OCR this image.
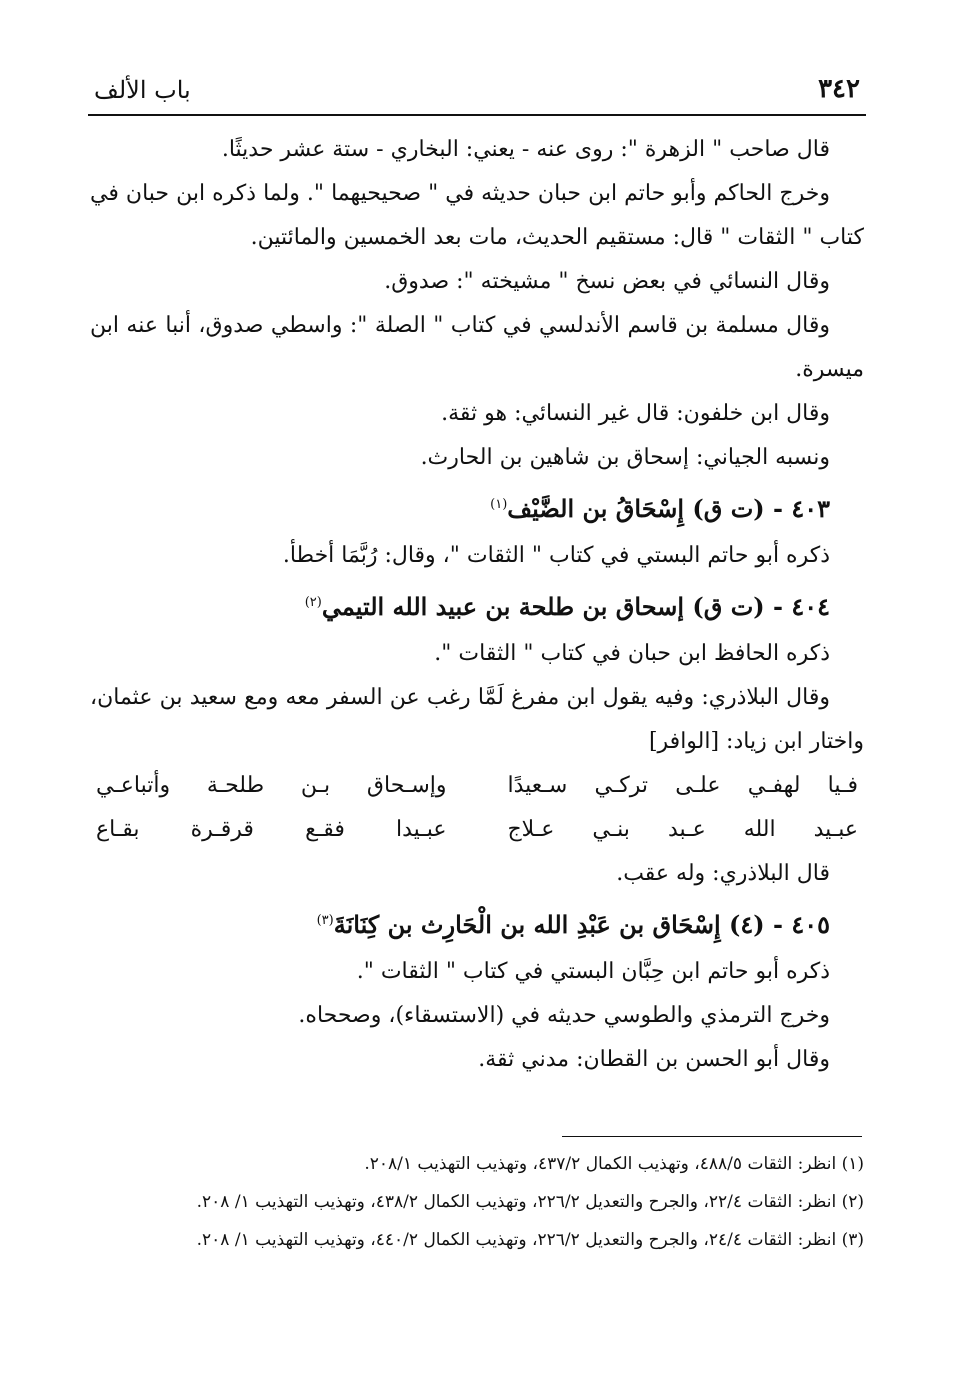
٣٤٢
باب الألف

قال صاحب " الزهرة ": روى عنه - يعني: البخاري - ستة عشر حديثًا.

وخرج الحاكم وأبو حاتم ابن حبان حديثه في " صحيحيهما ". ولما ذكره ابن حبان في كتاب " الثقات " قال: مستقيم الحديث، مات بعد الخمسين والمائتين.

وقال النسائي في بعض نسخ " مشيخته ": صدوق.

وقال مسلمة بن قاسم الأندلسي في كتاب " الصلة ": واسطي صدوق، أنبا عنه ابن ميسرة.

وقال ابن خلفون: قال غير النسائي: هو ثقة.

ونسبه الجياني: إسحاق بن شاهين بن الحارث.

٤٠٣ - (ت ق) إِسْحَاقُ بن الضَّيْف$^{(١)}$

ذكره أبو حاتم البستي في كتاب " الثقات "، وقال: رُبَّمَا أخطأ.

٤٠٤ - (ت ق) إسحاق بن طلحة بن عبيد الله التيمي$^{(٢)}$

ذكره الحافظ ابن حبان في كتاب " الثقات ".

وقال البلاذري: وفيه يقول ابن مفرغ لَمَّا رغب عن السفر معه ومع سعيد بن عثمان، واختار ابن زياد: [الوافر]

فـيا لهفـي علـى تركـي سـعيدًا
وإسـحاق بـن طلحـة وأتباعـي
عبـيد الله عـبد بنـي عـلاج
عبـيدا فقـع قرقـرة بقـاع

قال البلاذري: وله عقب.

٤٠٥ - (٤) إِسْحَاق بن عَبْدِ الله بن الْحَارِث بن كِنَانَةَ$^{(٣)}$

ذكره أبو حاتم ابن حِبَّان البستي في كتاب " الثقات ".

وخرج الترمذي والطوسي حديثه في (الاستسقاء)، وصححاه.

وقال أبو الحسن بن القطان: مدني ثقة.

(١) انظر: الثقات ٤٨٨/٥، وتهذيب الكمال ٤٣٧/٢، وتهذيب التهذيب ٢٠٨/١.

(٢) انظر: الثقات ٢٢/٤، والجرح والتعديل ٢٢٦/٢، وتهذيب الكمال ٤٣٨/٢، وتهذيب التهذيب ١/ ٢٠٨.

(٣) انظر: الثقات ٢٤/٤، والجرح والتعديل ٢٢٦/٢، وتهذيب الكمال ٤٤٠/٢، وتهذيب التهذيب ١/ ٢٠٨.
